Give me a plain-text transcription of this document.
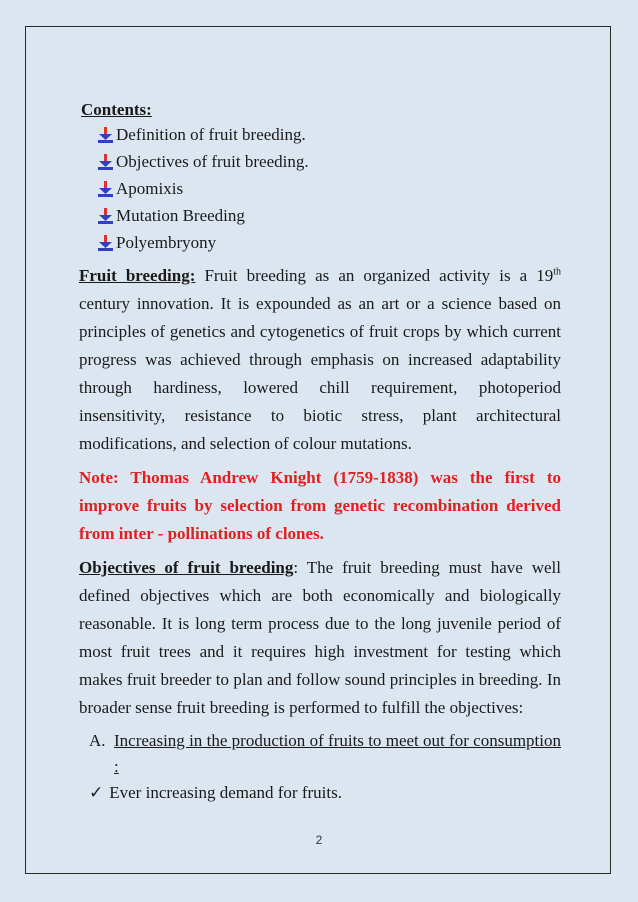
Contents:
Definition of fruit breeding.
Objectives of fruit breeding.
Apomixis
Mutation Breeding
Polyembryony

Fruit breeding: Fruit breeding as an organized activity is a 19th century innovation. It is expounded as an art or a science based on principles of genetics and cytogenetics of fruit crops by which current progress was achieved through emphasis on increased adaptability through hardiness, lowered chill requirement, photoperiod insensitivity, resistance to biotic stress, plant architectural modifications, and selection of colour mutations.

Note: Thomas Andrew Knight (1759-1838) was the first to improve fruits by selection from genetic recombination derived from inter - pollinations of clones.

Objectives of fruit breeding: The fruit breeding must have well defined objectives which are both economically and biologically reasonable. It is long term process due to the long juvenile period of most fruit trees and it requires high investment for testing which makes fruit breeder to plan and follow sound principles in breeding. In broader sense fruit breeding is performed to fulfill the objectives:

A. Increasing in the production of fruits to meet out for consumption :
✓ Ever increasing demand for fruits.
2
